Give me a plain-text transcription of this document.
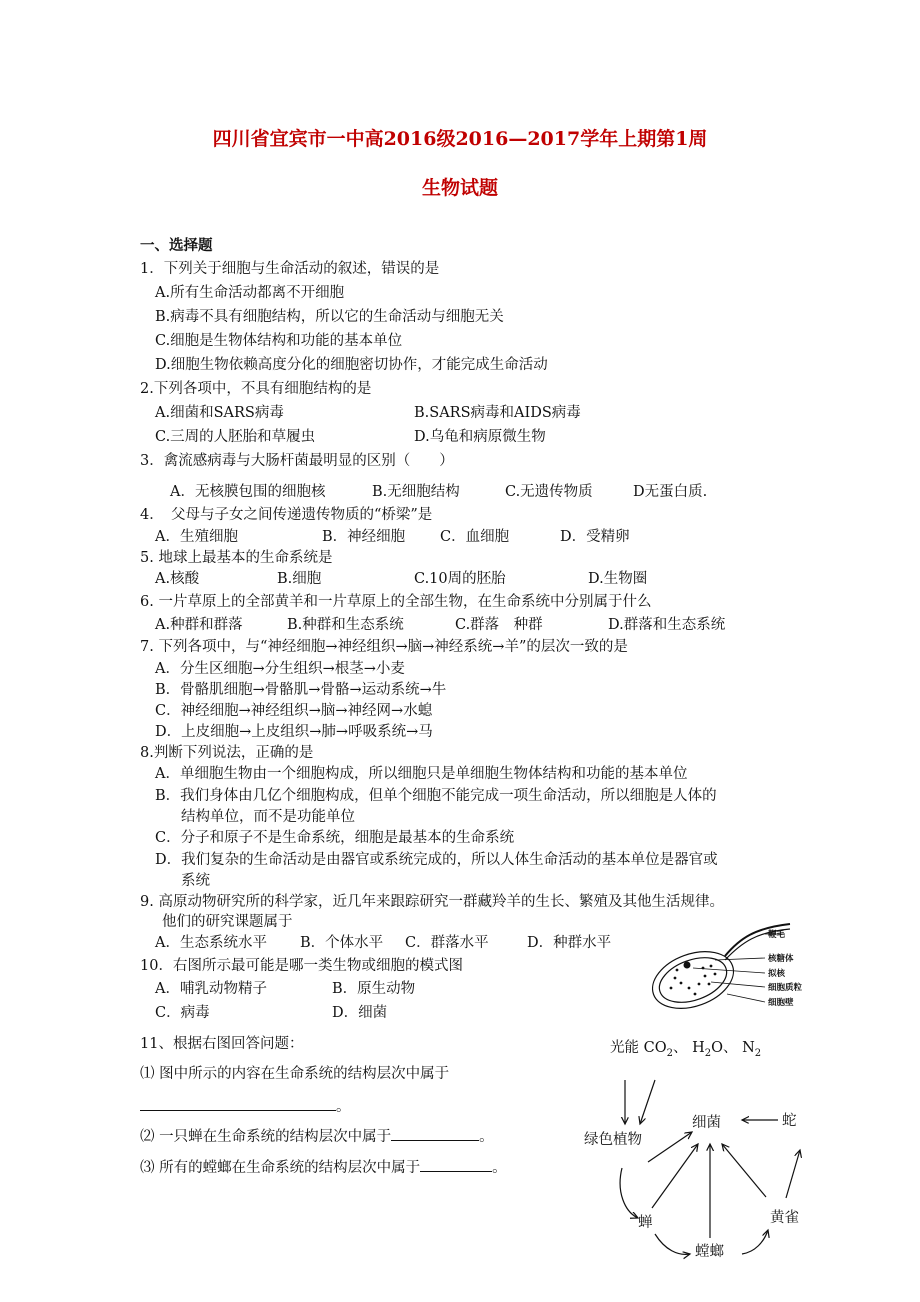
四川省宜宾市一中高2016级2016—2017学年上期第1周
生物试题
一、选择题
1．下列关于细胞与生命活动的叙述，错误的是
A.所有生命活动都离不开细胞
B.病毒不具有细胞结构，所以它的生命活动与细胞无关
C.细胞是生物体结构和功能的基本单位
D.细胞生物依赖高度分化的细胞密切协作，才能完成生命活动
2.下列各项中，不具有细胞结构的是
A.细菌和SARS病毒	B.SARS病毒和AIDS病毒
C.三周的人胚胎和草履虫	D.乌龟和病原微生物
3．禽流感病毒与大肠杆菌最明显的区别（　　）
A．无核膜包围的细胞核	B.无细胞结构	C.无遗传物质	D无蛋白质.
4．　父母与子女之间传递遗传物质的“桥梁”是
A．生殖细胞	B．神经细胞 C．血细胞	D．受精卵
5. 地球上最基本的生命系统是
A.核酸	B.细胞	C.10周的胚胎	D.生物圈
6. 一片草原上的全部黄羊和一片草原上的全部生物，在生命系统中分别属于什么
A.种群和群落	B.种群和生态系统	C.群落　种群	D.群落和生态系统
7. 下列各项中，与“神经细胞→神经组织→脑→神经系统→羊”的层次一致的是
A．分生区细胞→分生组织→根茎→小麦
B．骨骼肌细胞→骨骼肌→骨骼→运动系统→牛
C．神经细胞→神经组织→脑→神经网→水螅
D．上皮细胞→上皮组织→肺→呼吸系统→马
8.判断下列说法，正确的是
A．单细胞生物由一个细胞构成，所以细胞只是单细胞生物体结构和功能的基本单位
B．我们身体由几亿个细胞构成，但单个细胞不能完成一项生命活动，所以细胞是人体的
结构单位，而不是功能单位
C．分子和原子不是生命系统，细胞是最基本的生命系统
D．我们复杂的生命活动是由器官或系统完成的，所以人体生命活动的基本单位是器官或
系统
9. 高原动物研究所的科学家，近几年来跟踪研究一群藏羚羊的生长、繁殖及其他生活规律。
他们的研究课题属于
A．生态系统水平 B．个体水平 C．群落水平	D．种群水平
10．右图所示最可能是哪一类生物或细胞的模式图
A．哺乳动物精子	B．原生动物
C．病毒	D．细菌
11、根据右图回答问题：
⑴ 图中所示的内容在生命系统的结构层次中属于
。
⑵ 一只蝉在生命系统的结构层次中属于	。
⑶ 所有的螳螂在生命系统的结构层次中属于	。
鞭毛
核糖体
拟核
细胞质粒
细胞壁
光能 $CO_2$、 $H_2O$、 $N_2$
绿色植物
细菌	蛇
蝉
螳螂
黄雀
